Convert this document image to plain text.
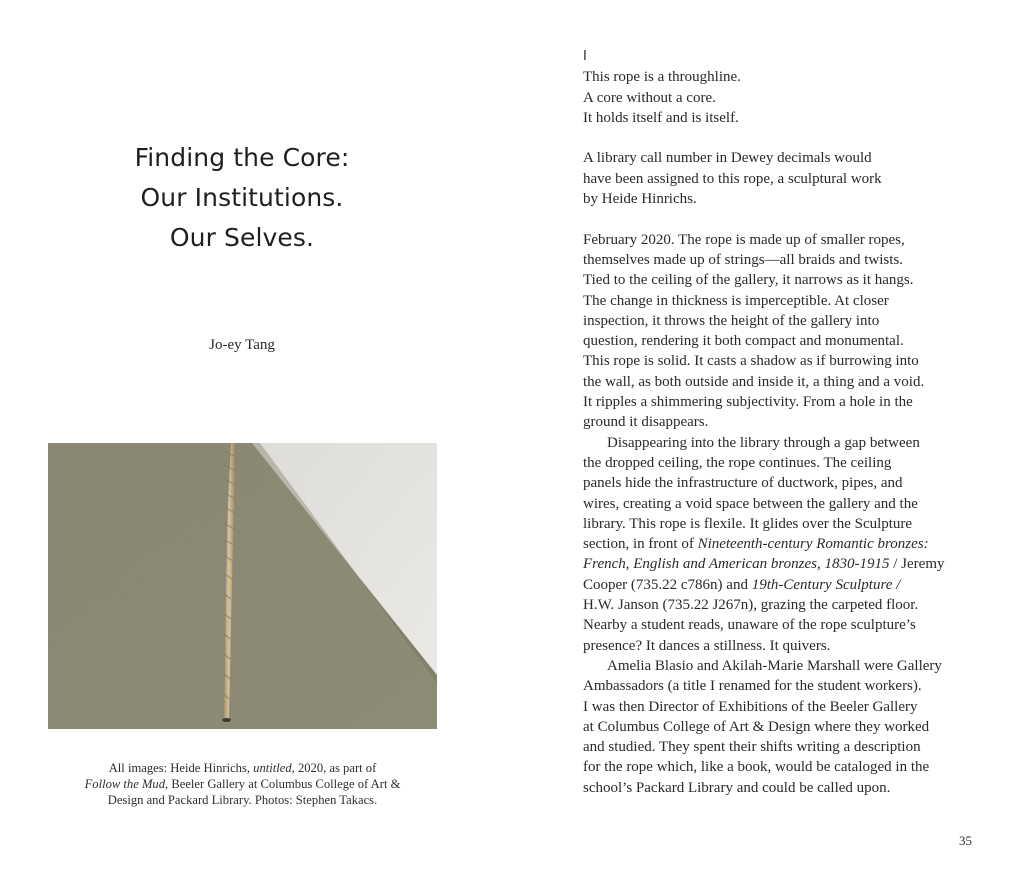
Finding the Core:
Our Institutions.
Our Selves.
Jo-ey Tang
All images: Heide Hinrichs, untitled, 2020, as part of
Follow the Mud, Beeler Gallery at Columbus College of Art &
Design and Packard Library. Photos: Stephen Takacs.

I

This rope is a throughline.

A core without a core.

It holds itself and is itself.

A library call number in Dewey decimals would

have been assigned to this rope, a sculptural work

by Heide Hinrichs.

February 2020. The rope is made up of smaller ropes,

themselves made up of strings—all braids and twists.

Tied to the ceiling of the gallery, it narrows as it hangs.

The change in thickness is imperceptible. At closer

inspection, it throws the height of the gallery into

question, rendering it both compact and monumental.

This rope is solid. It casts a shadow as if burrowing into

the wall, as both outside and inside it, a thing and a void.

It ripples a shimmering subjectivity. From a hole in the

ground it disappears.

Disappearing into the library through a gap between

the dropped ceiling, the rope continues. The ceiling

panels hide the infrastructure of ductwork, pipes, and

wires, creating a void space between the gallery and the

library. This rope is flexile. It glides over the Sculpture

section, in front of Nineteenth-century Romantic bronzes:

French, English and American bronzes, 1830-1915 / Jeremy

Cooper (735.22 c786n) and 19th-Century Sculpture /

H.W. Janson (735.22 J267n), grazing the carpeted floor.

Nearby a student reads, unaware of the rope sculpture’s

presence? It dances a stillness. It quivers.

Amelia Blasio and Akilah-Marie Marshall were Gallery

Ambassadors (a title I renamed for the student workers).

I was then Director of Exhibitions of the Beeler Gallery

at Columbus College of Art & Design where they worked

and studied. They spent their shifts writing a description

for the rope which, like a book, would be cataloged in the

school’s Packard Library and could be called upon.

35
